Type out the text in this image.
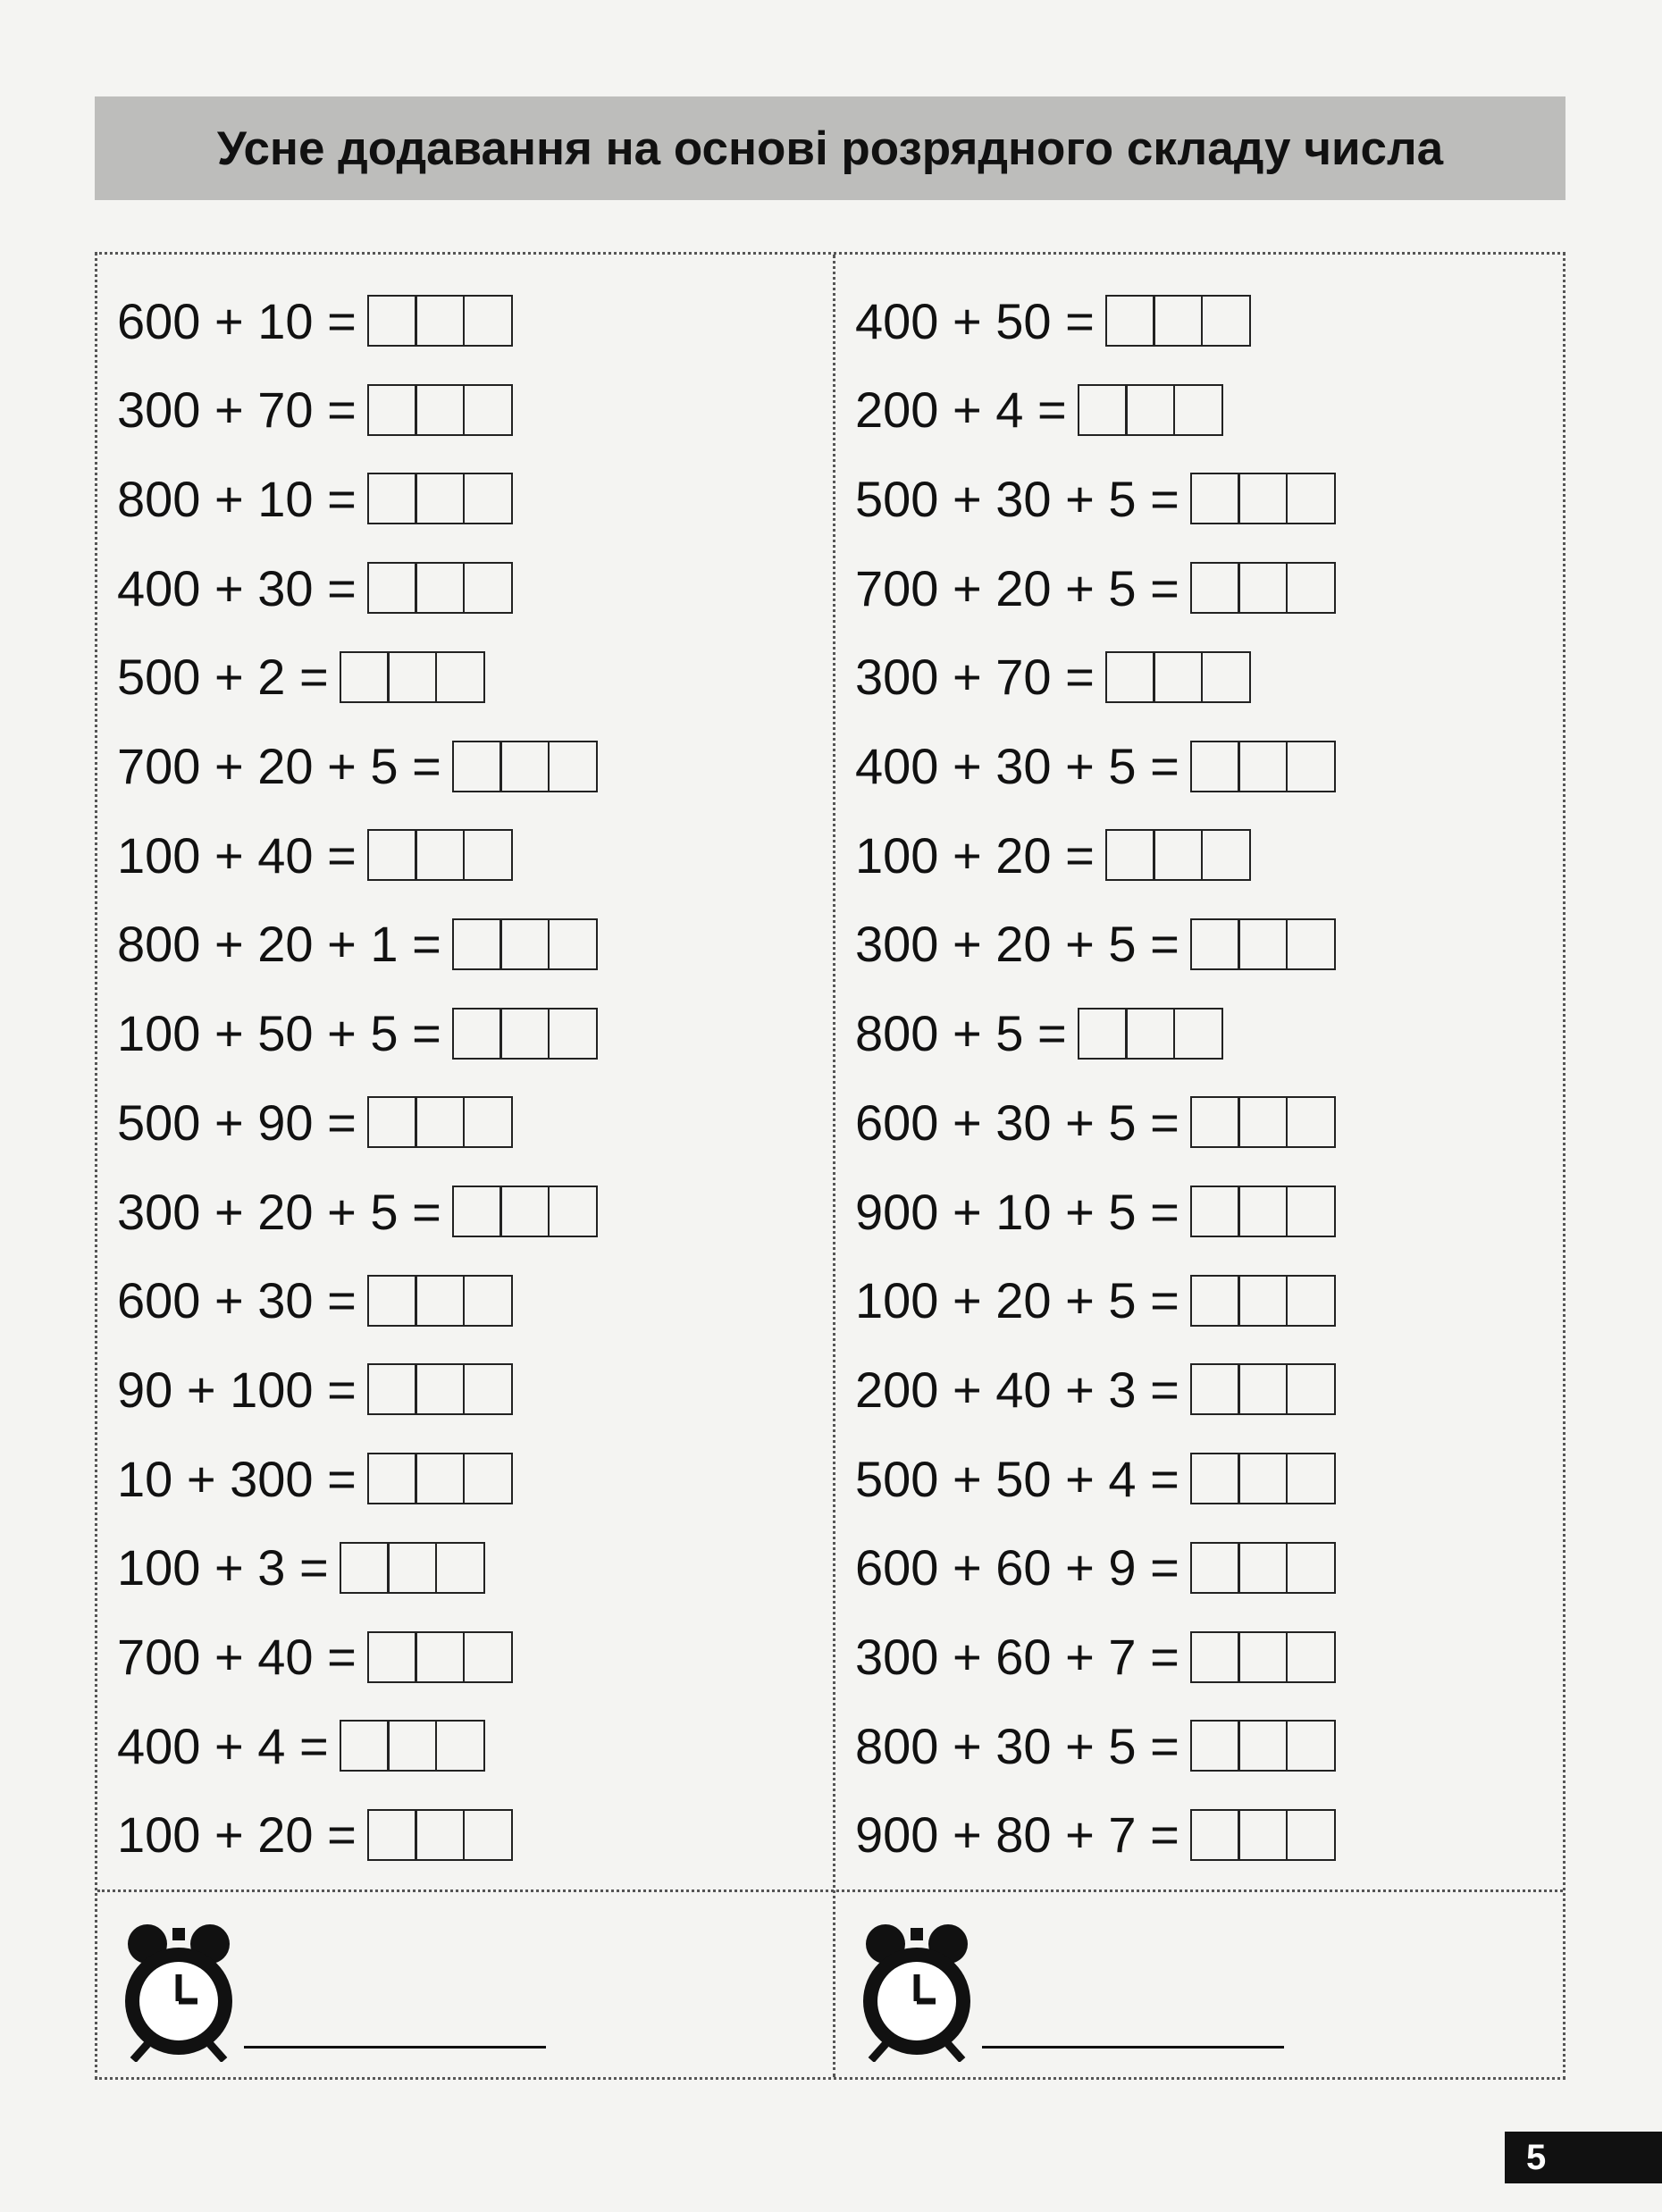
Усне додавання на основі розрядного складу числа
600 + 10 =
300 + 70 =
800 + 10 =
400 + 30 =
500 + 2 =
700 + 20 + 5 =
100 + 40 =
800 + 20 + 1 =
100 + 50 + 5 =
500 + 90 =
300 + 20 + 5 =
600 + 30 =
90 + 100 =
10 + 300 =
100 + 3 =
700 + 40 =
400 + 4 =
100 + 20 =
400 + 50 =
200 + 4 =
500 + 30 + 5 =
700 + 20 + 5 =
300 + 70 =
400 + 30 + 5 =
100 + 20 =
300 + 20 + 5 =
800 + 5 =
600 + 30 + 5 =
900 + 10 + 5 =
100 + 20 + 5 =
200 + 40 + 3 =
500 + 50 + 4 =
600 + 60 + 9 =
300 + 60 + 7 =
800 + 30 + 5 =
900 + 80 + 7 =
5
